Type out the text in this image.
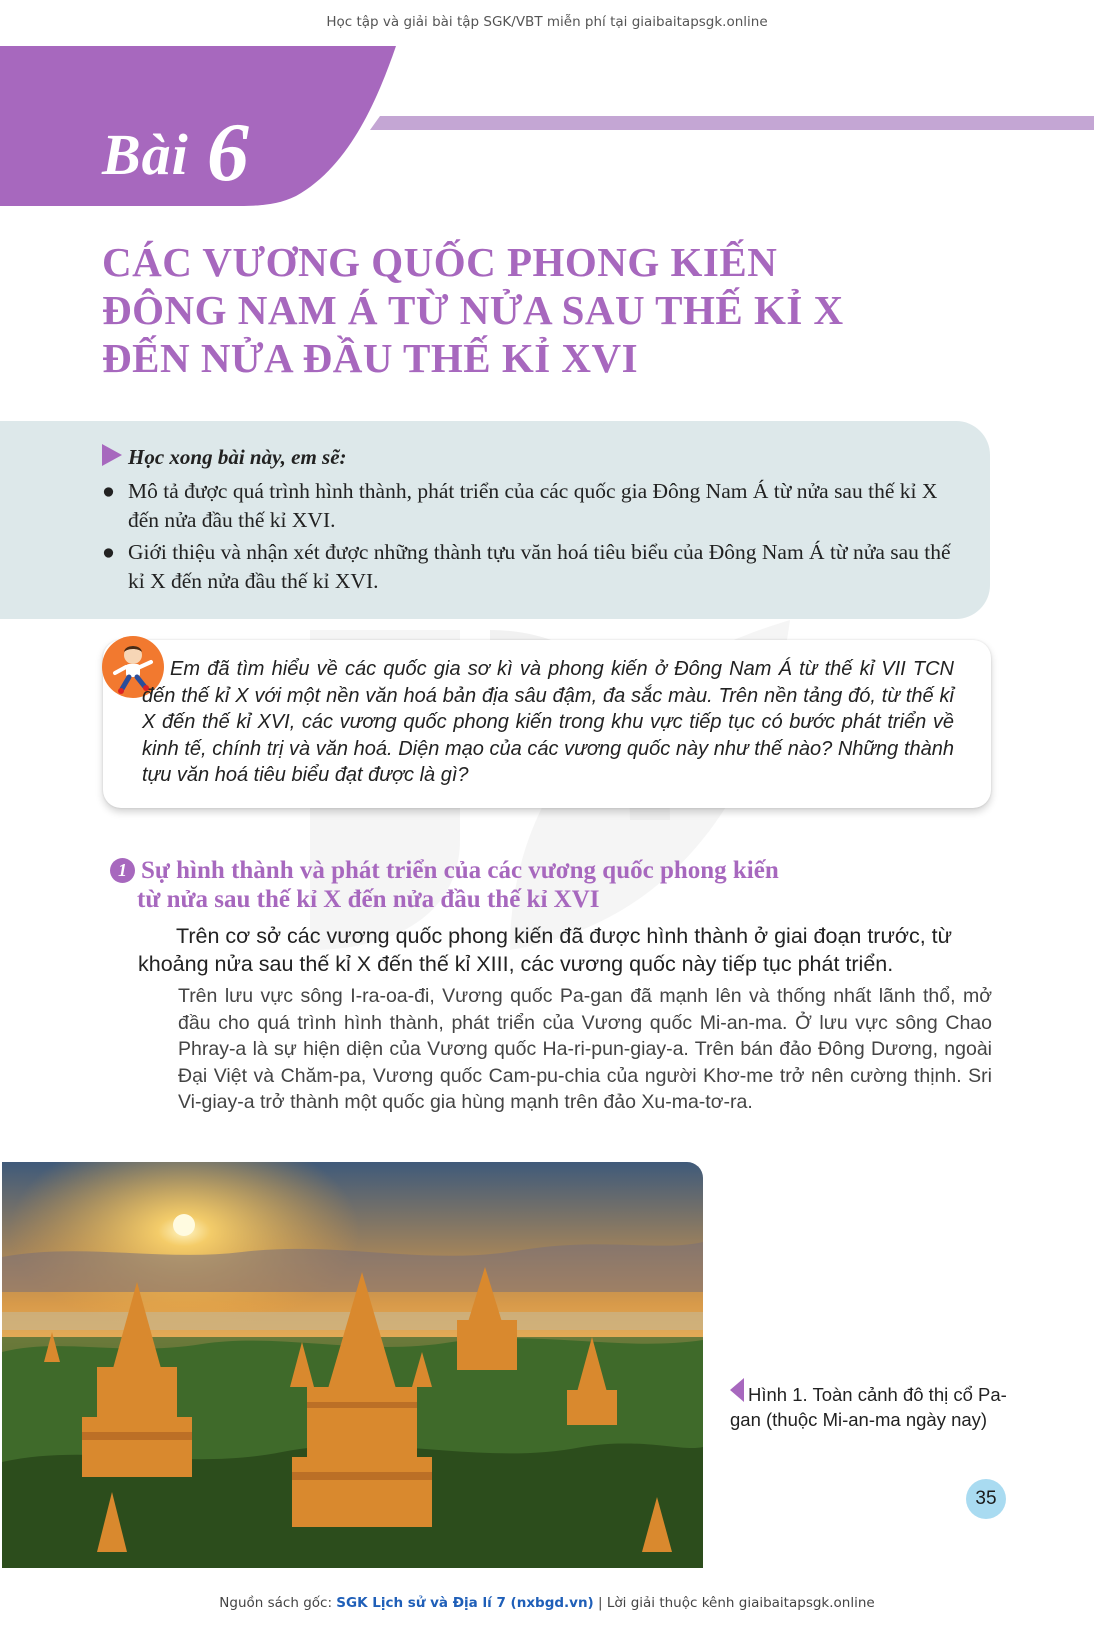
Học tập và giải bài tập SGK/VBT miễn phí tại giaibaitapsgk.online
Bài 6
CÁC VƯƠNG QUỐC PHONG KIẾN
ĐÔNG NAM Á TỪ NỬA SAU THẾ KỈ X
ĐẾN NỬA ĐẦU THẾ KỈ XVI
Học xong bài này, em sẽ:
● Mô tả được quá trình hình thành, phát triển của các quốc gia Đông Nam Á từ nửa sau thế kỉ X đến nửa đầu thế kỉ XVI.
● Giới thiệu và nhận xét được những thành tựu văn hoá tiêu biểu của Đông Nam Á từ nửa sau thế kỉ X đến nửa đầu thế kỉ XVI.
Em đã tìm hiểu về các quốc gia sơ kì và phong kiến ở Đông Nam Á từ thế kỉ VII TCN đến thế kỉ X với một nền văn hoá bản địa sâu đậm, đa sắc màu. Trên nền tảng đó, từ thế kỉ X đến thế kỉ XVI, các vương quốc phong kiến trong khu vực tiếp tục có bước phát triển về kinh tế, chính trị và văn hoá. Diện mạo của các vương quốc này như thế nào? Những thành tựu văn hoá tiêu biểu đạt được là gì?
1 Sự hình thành và phát triển của các vương quốc phong kiến
từ nửa sau thế kỉ X đến nửa đầu thế kỉ XVI
Trên cơ sở các vương quốc phong kiến đã được hình thành ở giai đoạn trước, từ khoảng nửa sau thế kỉ X đến thế kỉ XIII, các vương quốc này tiếp tục phát triển.
Trên lưu vực sông I-ra-oa-đi, Vương quốc Pa-gan đã mạnh lên và thống nhất lãnh thổ, mở đầu cho quá trình hình thành, phát triển của Vương quốc Mi-an-ma. Ở lưu vực sông Chao Phray-a là sự hiện diện của Vương quốc Ha-ri-pun-giay-a. Trên bán đảo Đông Dương, ngoài Đại Việt và Chăm-pa, Vương quốc Cam-pu-chia của người Khơ-me trở nên cường thịnh. Sri Vi-giay-a trở thành một quốc gia hùng mạnh trên đảo Xu-ma-tơ-ra.
Hình 1. Toàn cảnh đô thị cổ Pa-gan (thuộc Mi-an-ma ngày nay)
35
Nguồn sách gốc: SGK Lịch sử và Địa lí 7 (nxbgd.vn) | Lời giải thuộc kênh giaibaitapsgk.online
